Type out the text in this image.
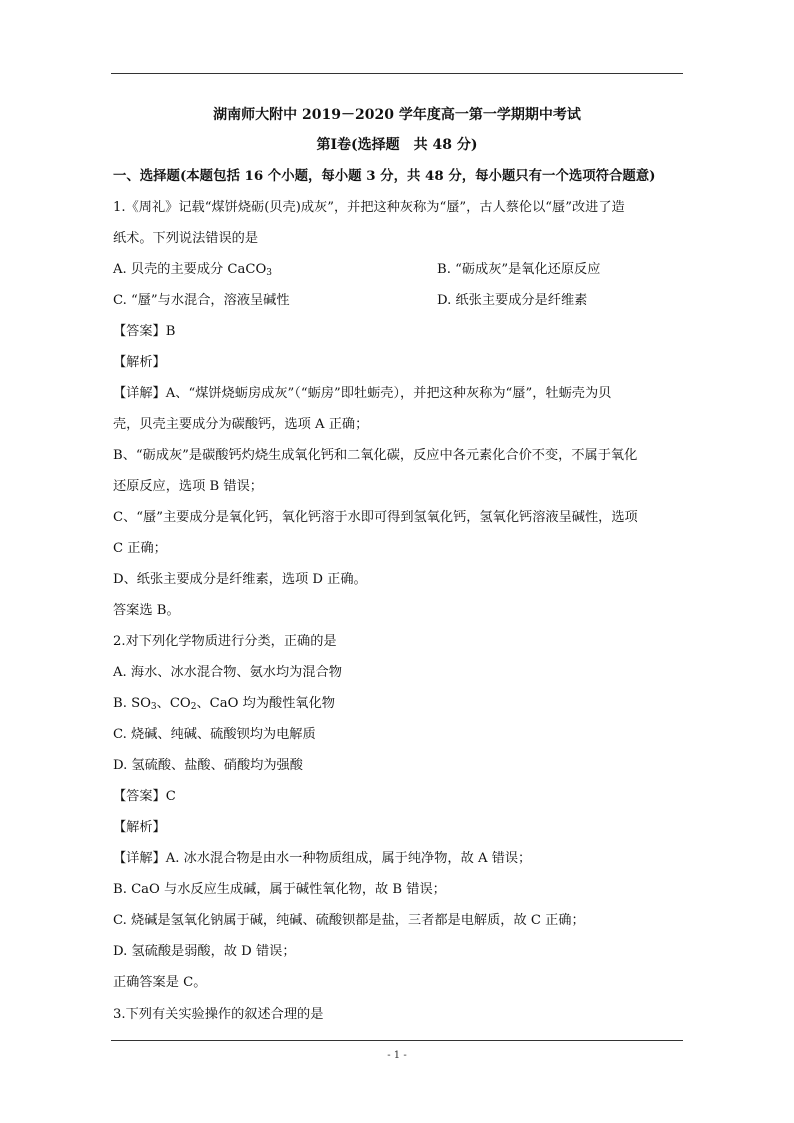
湖南师大附中 2019－2020 学年度高一第一学期期中考试
第Ⅰ卷(选择题　共 48 分)
一、选择题(本题包括 16 个小题，每小题 3 分，共 48 分，每小题只有一个选项符合题意)
1.《周礼》记载“煤饼烧砺(贝壳)成灰”，并把这种灰称为“蜃”，古人蔡伦以“蜃”改进了造
纸术。下列说法错误的是
A. 贝壳的主要成分 CaCO$_3$	B. “砺成灰”是氧化还原反应
C. “蜃”与水混合，溶液呈碱性	D. 纸张主要成分是纤维素
【答案】B
【解析】
【详解】A、“煤饼烧蛎房成灰”（“蛎房”即牡蛎壳），并把这种灰称为“蜃”，牡蛎壳为贝
壳，贝壳主要成分为碳酸钙，选项 A 正确；
B、“砺成灰”是碳酸钙灼烧生成氧化钙和二氧化碳，反应中各元素化合价不变，不属于氧化
还原反应，选项 B 错误；
C、“蜃”主要成分是氧化钙，氧化钙溶于水即可得到氢氧化钙，氢氧化钙溶液呈碱性，选项
C 正确；
D、纸张主要成分是纤维素，选项 D 正确。
答案选 B。
2.对下列化学物质进行分类，正确的是
A. 海水、冰水混合物、氨水均为混合物
B. $SO_3$、$CO_2$、CaO 均为酸性氧化物
C. 烧碱、纯碱、硫酸钡均为电解质
D. 氢硫酸、盐酸、硝酸均为强酸
【答案】C
【解析】
【详解】A. 冰水混合物是由水一种物质组成，属于纯净物，故 A 错误；
B. CaO 与水反应生成碱，属于碱性氧化物，故 B 错误；
C. 烧碱是氢氧化钠属于碱，纯碱、硫酸钡都是盐，三者都是电解质，故 C 正确；
D. 氢硫酸是弱酸，故 D 错误；
正确答案是 C。
3.下列有关实验操作的叙述合理的是
- 1 -
